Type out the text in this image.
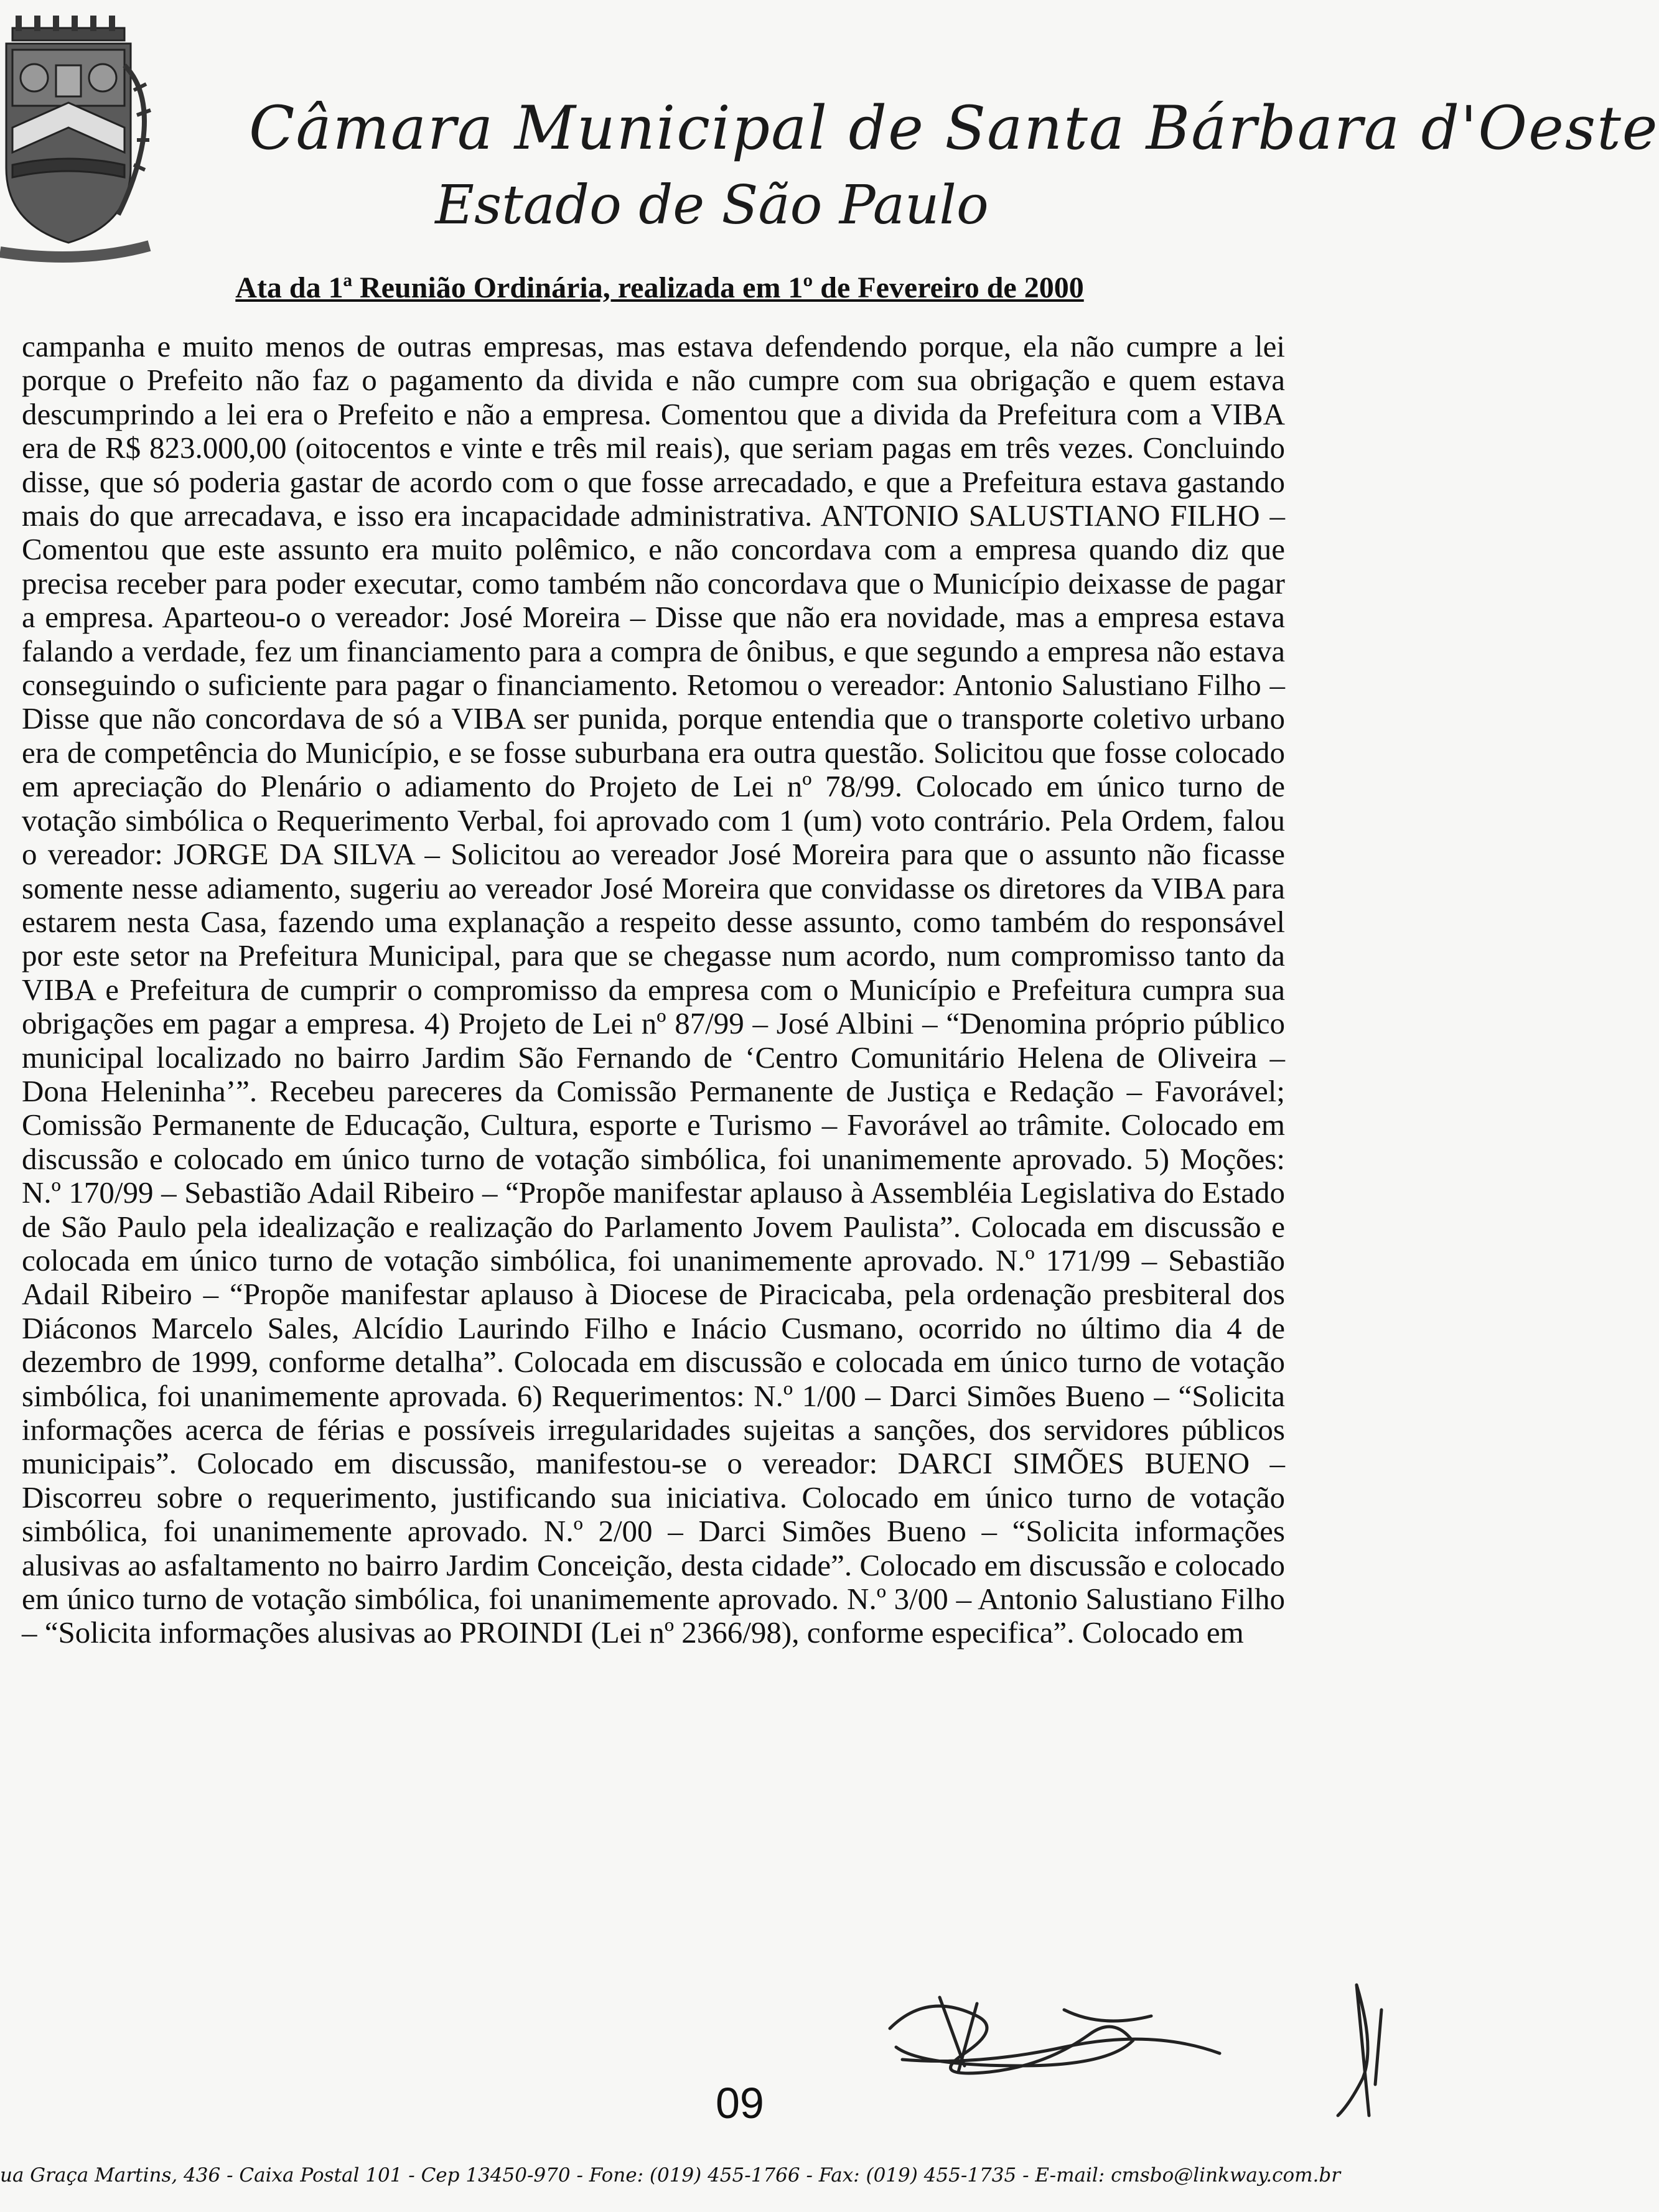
Câmara Municipal de Santa Bárbara d'Oeste
Estado de São Paulo
Ata da 1ª Reunião Ordinária, realizada em 1º de Fevereiro de 2000

campanha e muito menos de outras empresas, mas estava defendendo porque, ela não cumpre a lei porque o Prefeito não faz o pagamento da divida e não cumpre com sua obrigação e quem estava descumprindo a lei era o Prefeito e não a empresa. Comentou que a divida da Prefeitura com a VIBA era de R$ 823.000,00 (oitocentos e vinte e três mil reais), que seriam pagas em três vezes. Concluindo disse, que só poderia gastar de acordo com o que fosse arrecadado, e que a Prefeitura estava gastando mais do que arrecadava, e isso era incapacidade administrativa. ANTONIO SALUSTIANO FILHO – Comentou que este assunto era muito polêmico, e não concordava com a empresa quando diz que precisa receber para poder executar, como também não concordava que o Município deixasse de pagar a empresa. Aparteou-o o vereador: José Moreira – Disse que não era novidade, mas a empresa estava falando a verdade, fez um financiamento para a compra de ônibus, e que segundo a empresa não estava conseguindo o suficiente para pagar o financiamento. Retomou o vereador: Antonio Salustiano Filho – Disse que não concordava de só a VIBA ser punida, porque entendia que o transporte coletivo urbano era de competência do Município, e se fosse suburbana era outra questão. Solicitou que fosse colocado em apreciação do Plenário o adiamento do Projeto de Lei nº 78/99. Colocado em único turno de votação simbólica o Requerimento Verbal, foi aprovado com 1 (um) voto contrário. Pela Ordem, falou o vereador: JORGE DA SILVA – Solicitou ao vereador José Moreira para que o assunto não ficasse somente nesse adiamento, sugeriu ao vereador José Moreira que convidasse os diretores da VIBA para estarem nesta Casa, fazendo uma explanação a respeito desse assunto, como também do responsável por este setor na Prefeitura Municipal, para que se chegasse num acordo, num compromisso tanto da VIBA e Prefeitura de cumprir o compromisso da empresa com o Município e Prefeitura cumpra sua obrigações em pagar a empresa. 4) Projeto de Lei nº 87/99 – José Albini – “Denomina próprio público municipal localizado no bairro Jardim São Fernando de ‘Centro Comunitário Helena de Oliveira – Dona Heleninha’”. Recebeu pareceres da Comissão Permanente de Justiça e Redação – Favorável; Comissão Permanente de Educação, Cultura, esporte e Turismo – Favorável ao trâmite. Colocado em discussão e colocado em único turno de votação simbólica, foi unanimemente aprovado. 5) Moções: N.º 170/99 – Sebastião Adail Ribeiro – “Propõe manifestar aplauso à Assembléia Legislativa do Estado de São Paulo pela idealização e realização do Parlamento Jovem Paulista”. Colocada em discussão e colocada em único turno de votação simbólica, foi unanimemente aprovado. N.º 171/99 – Sebastião Adail Ribeiro – “Propõe manifestar aplauso à Diocese de Piracicaba, pela ordenação presbiteral dos Diáconos Marcelo Sales, Alcídio Laurindo Filho e Inácio Cusmano, ocorrido no último dia 4 de dezembro de 1999, conforme detalha”. Colocada em discussão e colocada em único turno de votação simbólica, foi unanimemente aprovada. 6) Requerimentos: N.º 1/00 – Darci Simões Bueno – “Solicita informações acerca de férias e possíveis irregularidades sujeitas a sanções, dos servidores públicos municipais”. Colocado em discussão, manifestou-se o vereador: DARCI SIMÕES BUENO – Discorreu sobre o requerimento, justificando sua iniciativa. Colocado em único turno de votação simbólica, foi unanimemente aprovado. N.º 2/00 – Darci Simões Bueno – “Solicita informações alusivas ao asfaltamento no bairro Jardim Conceição, desta cidade”. Colocado em discussão e colocado em único turno de votação simbólica, foi unanimemente aprovado. N.º 3/00 – Antonio Salustiano Filho – “Solicita informações alusivas ao PROINDI (Lei nº 2366/98), conforme especifica”. Colocado em

09
ua Graça Martins, 436 - Caixa Postal 101 - Cep 13450-970 - Fone: (019) 455-1766 - Fax: (019) 455-1735 - E-mail: cmsbo@linkway.com.br
